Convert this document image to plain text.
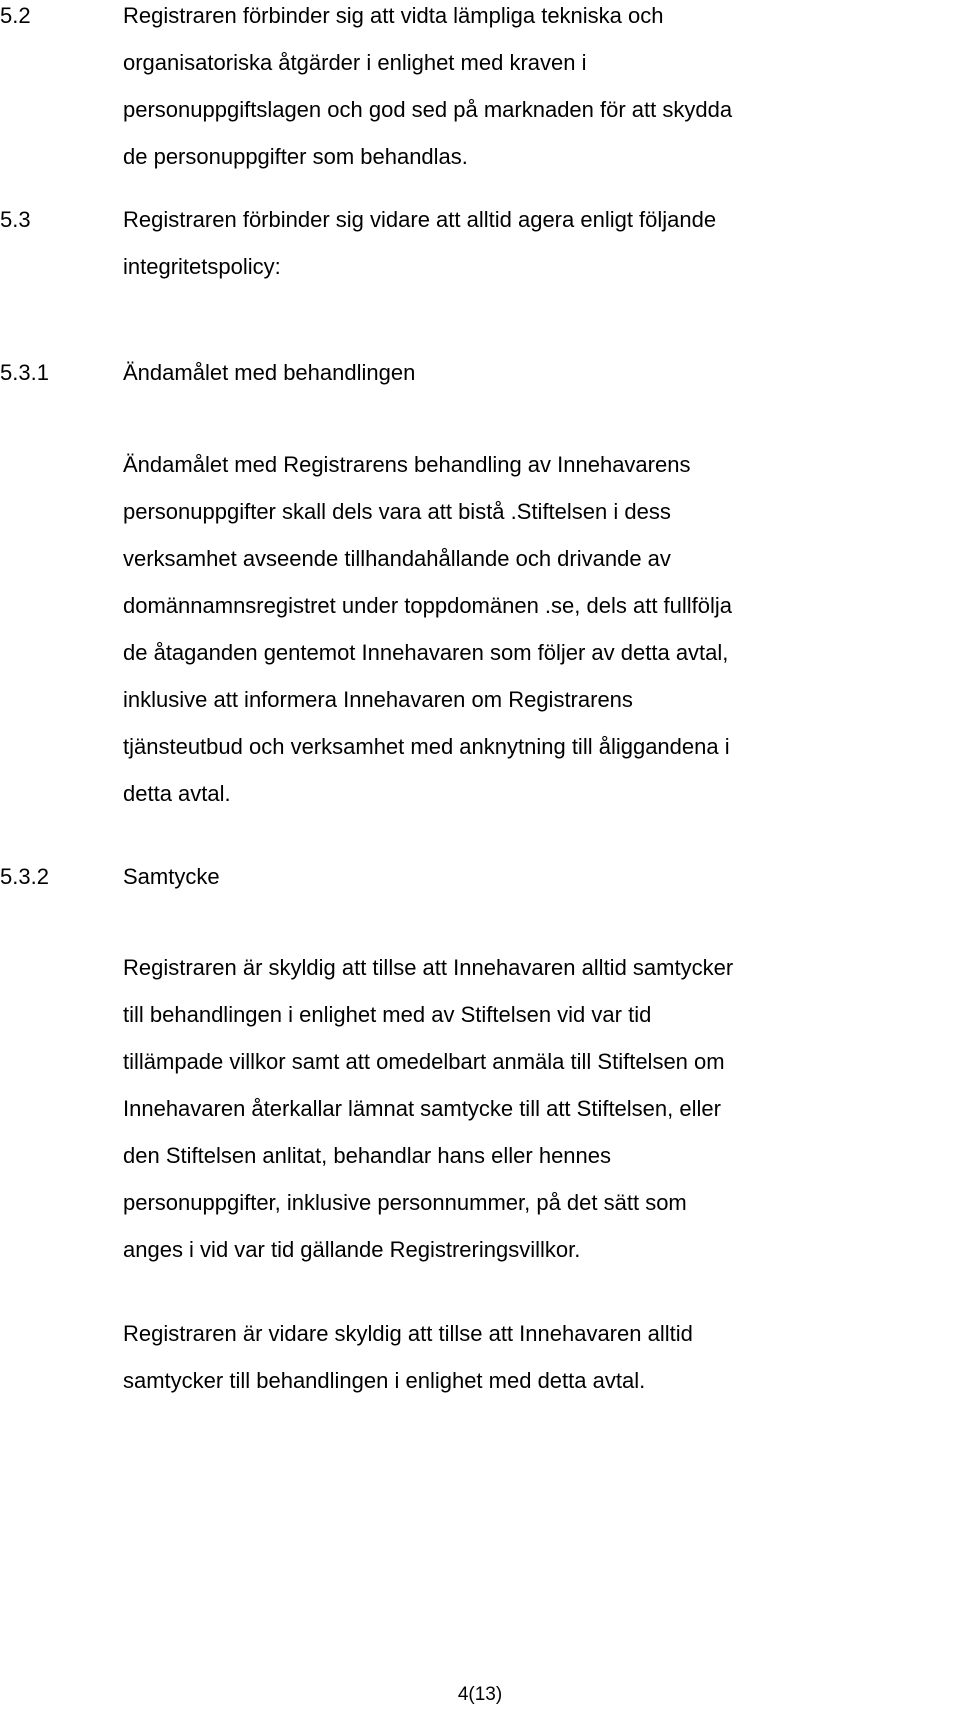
5.2	Registraren förbinder sig att vidta lämpliga tekniska och
organisatoriska åtgärder i enlighet med kraven i
personuppgiftslagen och god sed på marknaden för att skydda
de personuppgifter som behandlas.
5.3	Registraren förbinder sig vidare att alltid agera enligt följande
integritetspolicy:
5.3.1	Ändamålet med behandlingen
Ändamålet med Registrarens behandling av Innehavarens
personuppgifter skall dels vara att bistå .Stiftelsen i dess
verksamhet avseende tillhandahållande och drivande av
domännamnsregistret under toppdomänen .se, dels att fullfölja
de åtaganden gentemot Innehavaren som följer av detta avtal,
inklusive att informera Innehavaren om Registrarens
tjänsteutbud och verksamhet med anknytning till åliggandena i
detta avtal.
5.3.2	Samtycke
Registraren är skyldig att tillse att Innehavaren alltid samtycker
till behandlingen i enlighet med av Stiftelsen vid var tid
tillämpade villkor samt att omedelbart anmäla till Stiftelsen om
Innehavaren återkallar lämnat samtycke till att Stiftelsen, eller
den Stiftelsen anlitat, behandlar hans eller hennes
personuppgifter, inklusive personnummer, på det sätt som
anges i vid var tid gällande Registreringsvillkor.
Registraren är vidare skyldig att tillse att Innehavaren alltid
samtycker till behandlingen i enlighet med detta avtal.
4(13)
